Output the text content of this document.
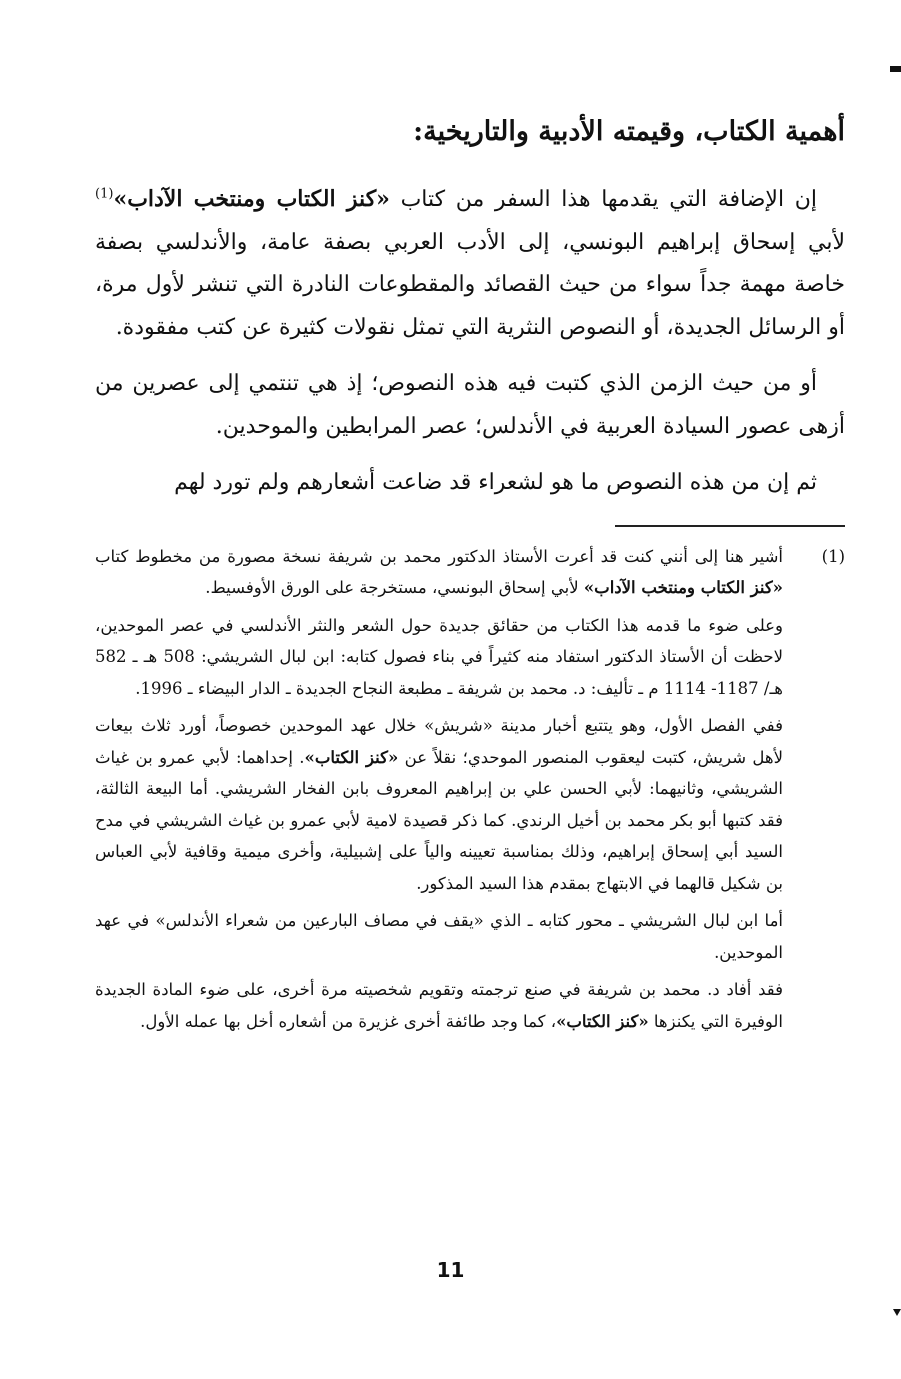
أهمية الكتاب، وقيمته الأدبية والتاريخية:

إن الإضافة التي يقدمها هذا السفر من كتاب «كنز الكتاب ومنتخب الآداب»$^{(1)}$ لأبي إسحاق إبراهيم البونسي، إلى الأدب العربي بصفة عامة، والأندلسي بصفة خاصة مهمة جداً سواء من حيث القصائد والمقطوعات النادرة التي تنشر لأول مرة، أو الرسائل الجديدة، أو النصوص النثرية التي تمثل نقولات كثيرة عن كتب مفقودة.

أو من حيث الزمن الذي كتبت فيه هذه النصوص؛ إذ هي تنتمي إلى عصرين من أزهى عصور السيادة العربية في الأندلس؛ عصر المرابطين والموحدين.

ثم إن من هذه النصوص ما هو لشعراء قد ضاعت أشعارهم ولم تورد لهم

(1)

أشير هنا إلى أنني كنت قد أعرت الأستاذ الدكتور محمد بن شريفة نسخة مصورة من مخطوط كتاب «كنز الكتاب ومنتخب الآداب» لأبي إسحاق البونسي، مستخرجة على الورق الأوفسيط.

وعلى ضوء ما قدمه هذا الكتاب من حقائق جديدة حول الشعر والنثر الأندلسي في عصر الموحدين، لاحظت أن الأستاذ الدكتور استفاد منه كثيراً في بناء فصول كتابه: ابن لبال الشريشي: 508 هـ ـ 582 هـ/ 1187- 1114 م ـ تأليف: د. محمد بن شريفة ـ مطبعة النجاح الجديدة ـ الدار البيضاء ـ 1996.

ففي الفصل الأول، وهو يتتبع أخبار مدينة «شريش» خلال عهد الموحدين خصوصاً، أورد ثلاث بيعات لأهل شريش، كتبت ليعقوب المنصور الموحدي؛ نقلاً عن «كنز الكتاب». إحداهما: لأبي عمرو بن غياث الشريشي، وثانيهما: لأبي الحسن علي بن إبراهيم المعروف بابن الفخار الشريشي. أما البيعة الثالثة، فقد كتبها أبو بكر محمد بن أخيل الرندي. كما ذكر قصيدة لامية لأبي عمرو بن غياث الشريشي في مدح السيد أبي إسحاق إبراهيم، وذلك بمناسبة تعيينه والياً على إشبيلية، وأخرى ميمية وقافية لأبي العباس بن شكيل قالهما في الابتهاج بمقدم هذا السيد المذكور.

أما ابن لبال الشريشي ـ محور كتابه ـ الذي «يقف في مصاف البارعين من شعراء الأندلس» في عهد الموحدين.

فقد أفاد د. محمد بن شريفة في صنع ترجمته وتقويم شخصيته مرة أخرى، على ضوء المادة الجديدة الوفيرة التي يكنزها «كنز الكتاب»، كما وجد طائفة أخرى غزيرة من أشعاره أخل بها عمله الأول.

11
